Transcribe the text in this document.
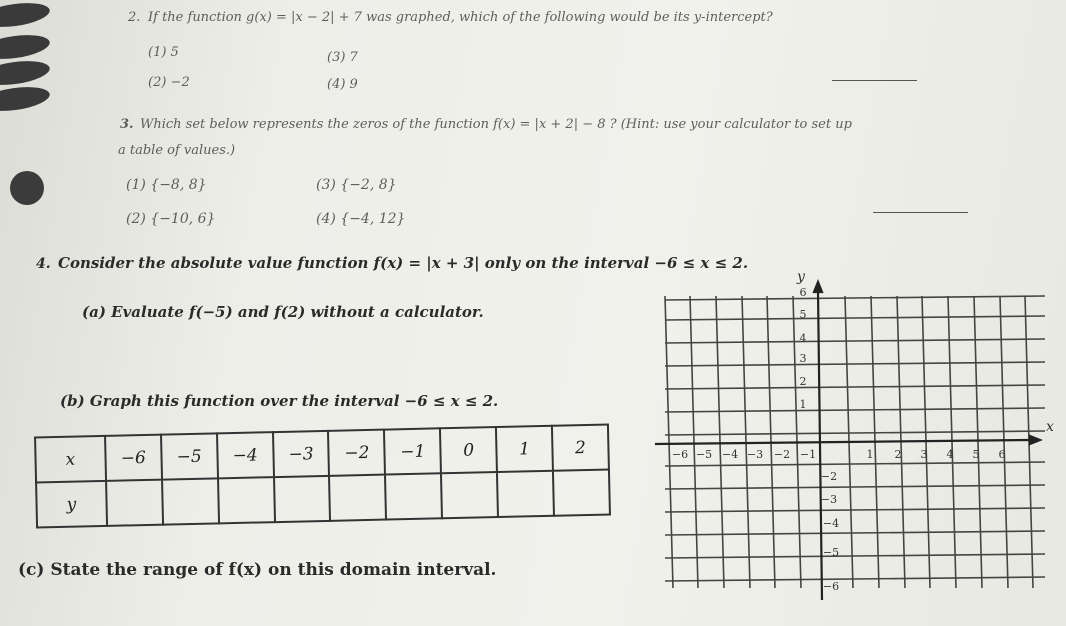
2. If the function g(x) = |x − 2| + 7 was graphed, which of the following would be its y-intercept?
(1) 5
(2) −2
(3) 7
(4) 9
3. Which set below represents the zeros of the function f(x) = |x + 2| − 8 ? (Hint: use your calculator to set up
a table of values.)
(1) {−8, 8}
(2) {−10, 6}
(3) {−2, 8}
(4) {−4, 12}
4. Consider the absolute value function f(x) = |x + 3| only on the interval −6 ≤ x ≤ 2.
(a) Evaluate f(−5) and f(2) without a calculator.
(b) Graph this function over the interval −6 ≤ x ≤ 2.
(c) State the range of f(x) on this domain interval.
x	−6	−5	−4	−3	−2	−1	0	1	2
y									
−6 −5 −4 −3 −2 −1	1 2 3 4 5 6
6
5
4
3
2
1
−2
−3
−4
−5
−6
x
y
